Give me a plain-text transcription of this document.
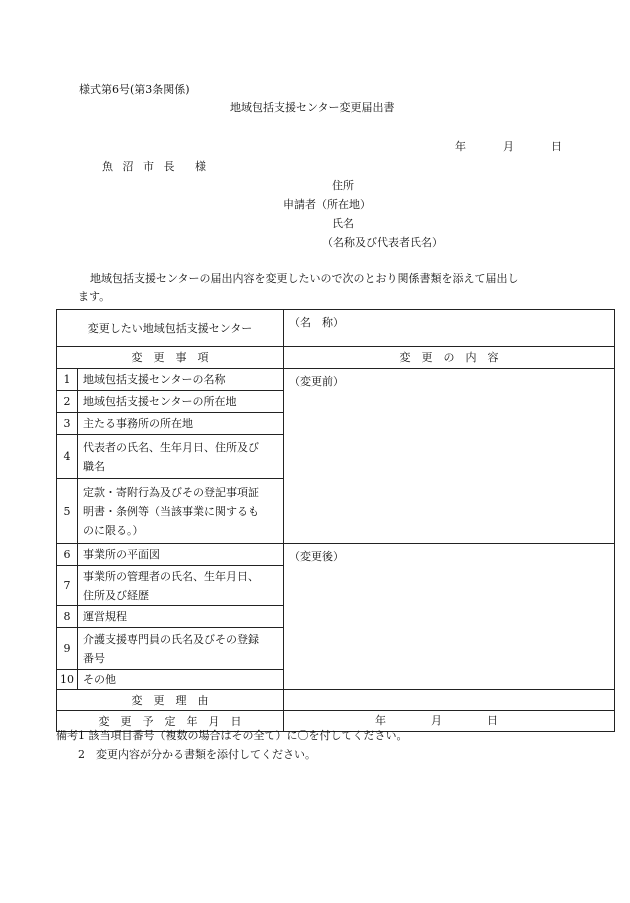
様式第6号(第3条関係)
地域包括支援センター変更届出書
年	月	日
魚 沼 市 長　 様
住所
申請者（所在地）
氏名
（名称及び代表者氏名）
地域包括支援センターの届出内容を変更したいので次のとおり関係書類を添えて届出し
ます。
変更したい地域包括支援センター		（名　称）
変　更　事　項		変　更　の　内　容
1	地域包括支援センターの名称	（変更前）
2	地域包括支援センターの所在地	
3	主たる事務所の所在地	
4	代表者の氏名、生年月日、住所及び
職名	

5	定款・寄附行為及びその登記事項証
明書・条例等（当該事業に関するも
のに限る。）	

6	事業所の平面図	（変更後）
7	事業所の管理者の氏名、生年月日、
住所及び経歴	

8	運営規程	
9	介護支援専門員の氏名及びその登録
番号	

10	その他	
変　更　理　由		
変　更　予　定　年　月　日		年 月 日
備考1 該当項目番号（複数の場合はその全て）に〇を付してください。
2　変更内容が分かる書類を添付してください。
